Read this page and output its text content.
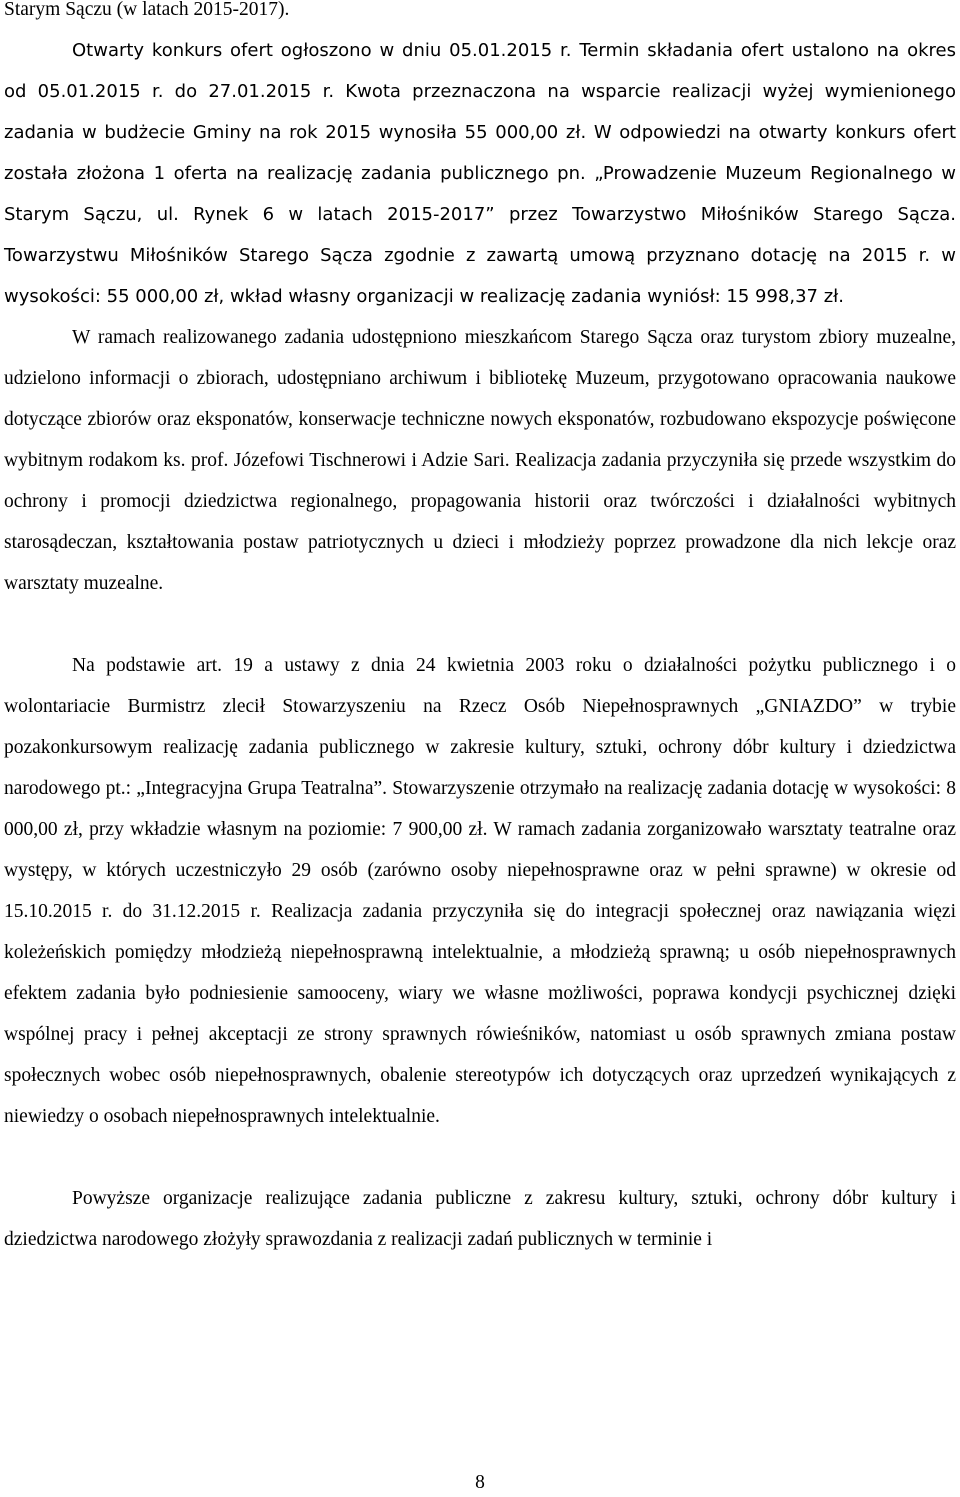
Starym Sączu (w latach 2015-2017).

Otwarty konkurs ofert ogłoszono w dniu 05.01.2015 r. Termin składania ofert ustalono na okres od 05.01.2015 r. do 27.01.2015 r. Kwota przeznaczona na wsparcie realizacji wyżej wymienionego zadania w budżecie Gminy na rok 2015 wynosiła 55 000,00 zł. W odpowiedzi na otwarty konkurs ofert została złożona 1 oferta na realizację zadania publicznego pn. „Prowadzenie Muzeum Regionalnego w Starym Sączu, ul. Rynek 6 w latach 2015-2017” przez Towarzystwo Miłośników Starego Sącza. Towarzystwu Miłośników Starego Sącza zgodnie z zawartą umową przyznano dotację na 2015 r. w wysokości: 55 000,00 zł, wkład własny organizacji w realizację zadania wyniósł: 15 998,37 zł.

W ramach realizowanego zadania udostępniono mieszkańcom Starego Sącza oraz turystom zbiory muzealne, udzielono informacji o zbiorach, udostępniano archiwum i bibliotekę Muzeum, przygotowano opracowania naukowe dotyczące zbiorów oraz eksponatów, konserwacje techniczne nowych eksponatów, rozbudowano ekspozycje poświęcone wybitnym rodakom ks. prof. Józefowi Tischnerowi i Adzie Sari. Realizacja zadania przyczyniła się przede wszystkim do ochrony i promocji dziedzictwa regionalnego, propagowania historii oraz twórczości i działalności wybitnych starosądeczan, kształtowania postaw patriotycznych u dzieci i młodzieży poprzez prowadzone dla nich lekcje oraz warsztaty muzealne.

Na podstawie art. 19 a ustawy z dnia 24 kwietnia 2003 roku o działalności pożytku publicznego i o wolontariacie Burmistrz zlecił Stowarzyszeniu na Rzecz Osób Niepełnosprawnych „GNIAZDO” w trybie pozakonkursowym realizację zadania publicznego w zakresie kultury, sztuki, ochrony dóbr kultury i dziedzictwa narodowego pt.: „Integracyjna Grupa Teatralna”. Stowarzyszenie otrzymało na realizację zadania dotację w wysokości: 8 000,00 zł, przy wkładzie własnym na poziomie: 7 900,00 zł. W ramach zadania zorganizowało warsztaty teatralne oraz występy, w których uczestniczyło 29 osób (zarówno osoby niepełnosprawne oraz w pełni sprawne) w okresie od 15.10.2015 r. do 31.12.2015 r. Realizacja zadania przyczyniła się do integracji społecznej oraz nawiązania więzi koleżeńskich pomiędzy młodzieżą niepełnosprawną intelektualnie, a młodzieżą sprawną; u osób niepełnosprawnych efektem zadania było podniesienie samooceny, wiary we własne możliwości, poprawa kondycji psychicznej dzięki wspólnej pracy i pełnej akceptacji ze strony sprawnych rówieśników, natomiast u osób sprawnych zmiana postaw społecznych wobec osób niepełnosprawnych, obalenie stereotypów ich dotyczących oraz uprzedzeń wynikających z niewiedzy o osobach niepełnosprawnych intelektualnie.

Powyższe organizacje realizujące zadania publiczne z zakresu kultury, sztuki, ochrony dóbr kultury i dziedzictwa narodowego złożyły sprawozdania z realizacji zadań publicznych w terminie i

8
